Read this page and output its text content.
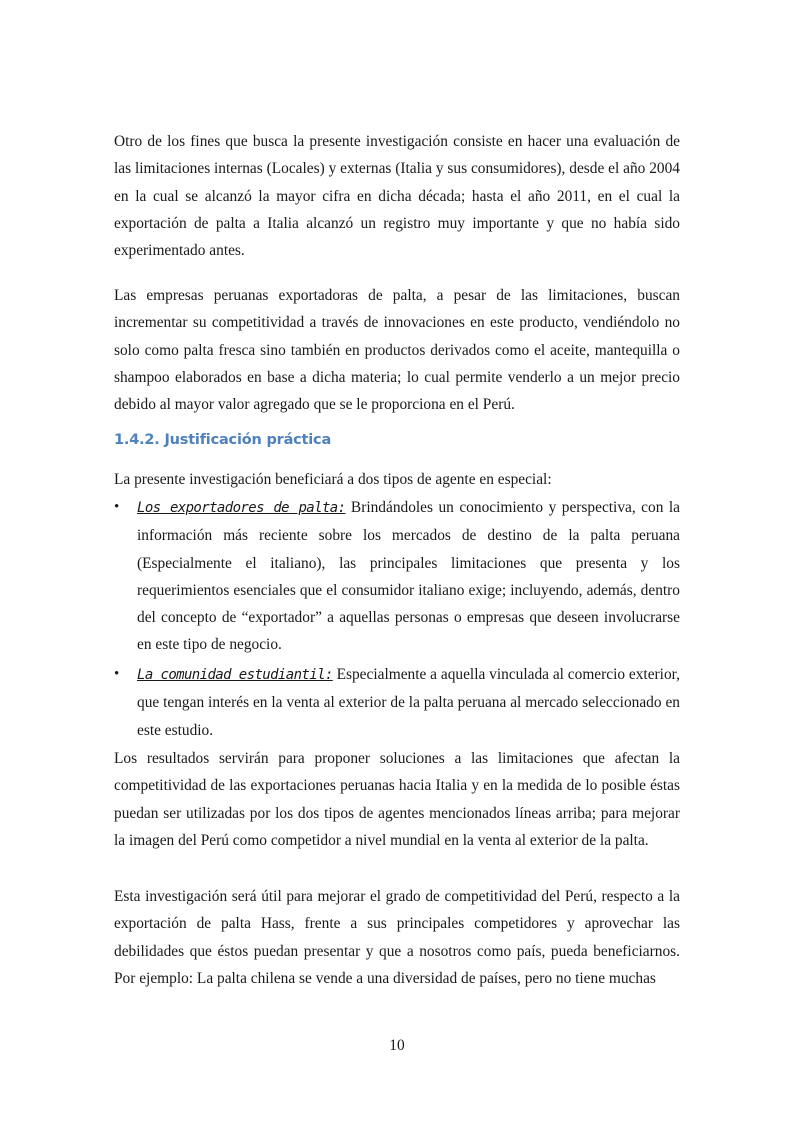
Otro de los fines que busca la presente investigación consiste en hacer una evaluación de las limitaciones internas (Locales) y externas (Italia y sus consumidores), desde el año 2004 en la cual se alcanzó la mayor cifra en dicha década; hasta el año 2011, en el cual la exportación de palta a Italia alcanzó un registro muy importante y que no había sido experimentado antes.

Las empresas peruanas exportadoras de palta, a pesar de las limitaciones, buscan incrementar su competitividad a través de innovaciones en este producto, vendiéndolo no solo como palta fresca sino también en productos derivados como el aceite, mantequilla o shampoo elaborados en base a dicha materia; lo cual permite venderlo a un mejor precio debido al mayor valor agregado que se le proporciona en el Perú.

1.4.2. Justificación práctica

La presente investigación beneficiará a dos tipos de agente en especial:

• Los exportadores de palta: Brindándoles un conocimiento y perspectiva, con la información más reciente sobre los mercados de destino de la palta peruana (Especialmente el italiano), las principales limitaciones que presenta y los requerimientos esenciales que el consumidor italiano exige; incluyendo, además, dentro del concepto de “exportador” a aquellas personas o empresas que deseen involucrarse en este tipo de negocio.
• La comunidad estudiantil: Especialmente a aquella vinculada al comercio exterior, que tengan interés en la venta al exterior de la palta peruana al mercado seleccionado en este estudio.

Los resultados servirán para proponer soluciones a las limitaciones que afectan la competitividad de las exportaciones peruanas hacia Italia y en la medida de lo posible éstas puedan ser utilizadas por los dos tipos de agentes mencionados líneas arriba; para mejorar la imagen del Perú como competidor a nivel mundial en la venta al exterior de la palta.

Esta investigación será útil para mejorar el grado de competitividad del Perú, respecto a la exportación de palta Hass, frente a sus principales competidores y aprovechar las debilidades que éstos puedan presentar y que a nosotros como país, pueda beneficiarnos. Por ejemplo: La palta chilena se vende a una diversidad de países, pero no tiene muchas

10
